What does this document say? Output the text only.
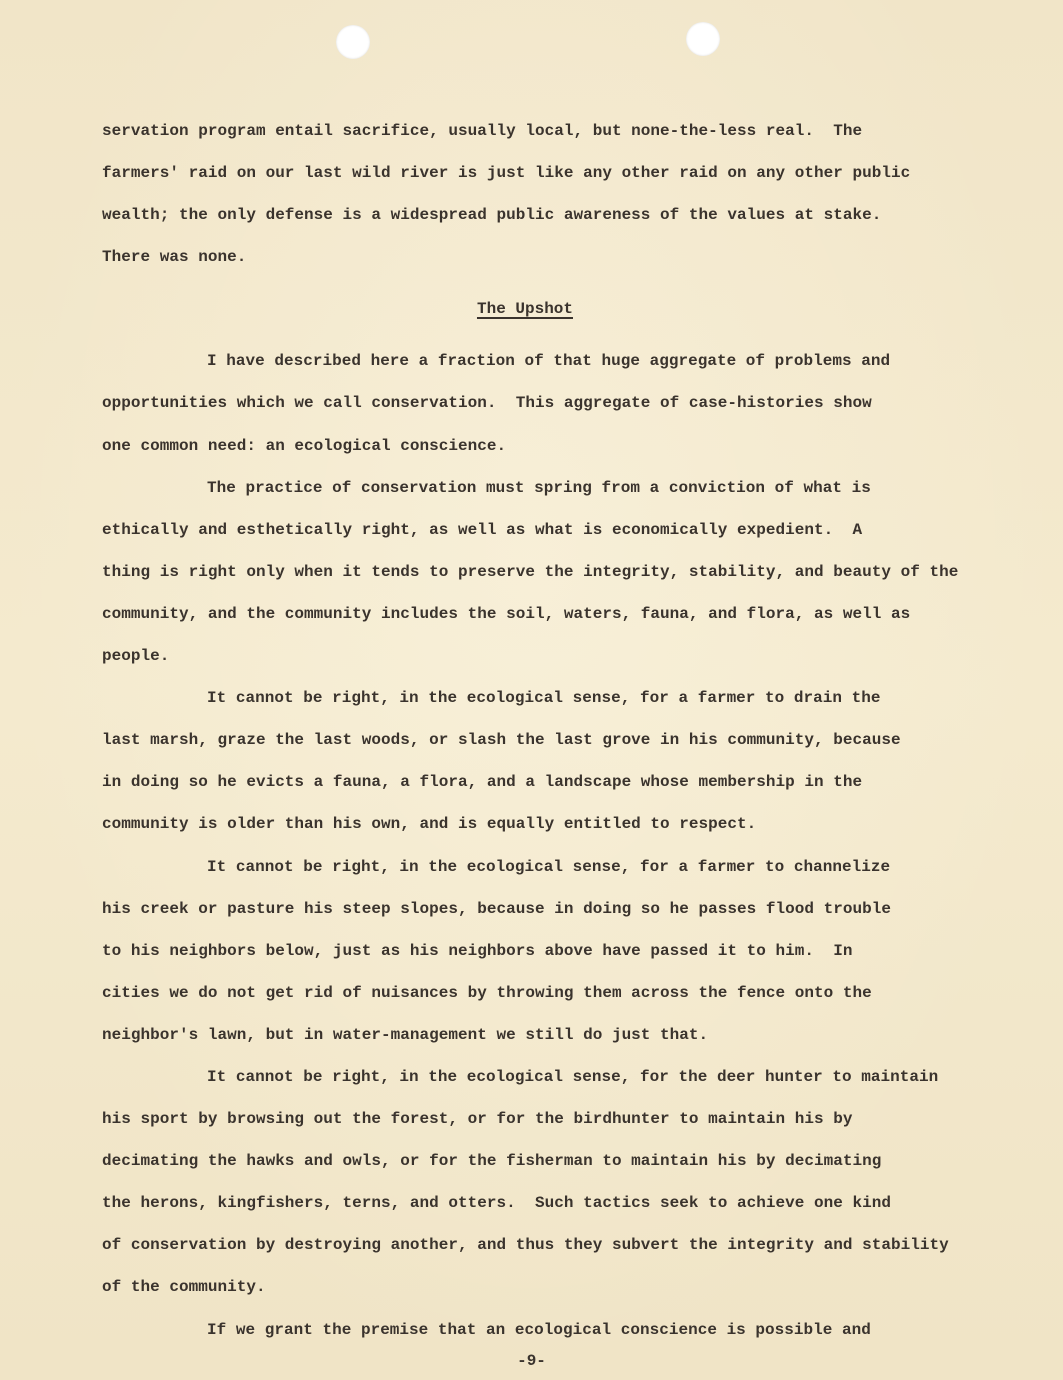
servation program entail sacrifice, usually local, but none-the-less real.  The
farmers' raid on our last wild river is just like any other raid on any other public
wealth; the only defense is a widespread public awareness of the values at stake.
There was none.
The Upshot
I have described here a fraction of that huge aggregate of problems and
opportunities which we call conservation.  This aggregate of case-histories show
one common need: an ecological conscience.
The practice of conservation must spring from a conviction of what is
ethically and esthetically right, as well as what is economically expedient.  A
thing is right only when it tends to preserve the integrity, stability, and beauty of the
community, and the community includes the soil, waters, fauna, and flora, as well as
people.
It cannot be right, in the ecological sense, for a farmer to drain the
last marsh, graze the last woods, or slash the last grove in his community, because
in doing so he evicts a fauna, a flora, and a landscape whose membership in the
community is older than his own, and is equally entitled to respect.
It cannot be right, in the ecological sense, for a farmer to channelize
his creek or pasture his steep slopes, because in doing so he passes flood trouble
to his neighbors below, just as his neighbors above have passed it to him.  In
cities we do not get rid of nuisances by throwing them across the fence onto the
neighbor's lawn, but in water-management we still do just that.
It cannot be right, in the ecological sense, for the deer hunter to maintain
his sport by browsing out the forest, or for the birdhunter to maintain his by
decimating the hawks and owls, or for the fisherman to maintain his by decimating
the herons, kingfishers, terns, and otters.  Such tactics seek to achieve one kind
of conservation by destroying another, and thus they subvert the integrity and stability
of the community.
If we grant the premise that an ecological conscience is possible and
-9-
